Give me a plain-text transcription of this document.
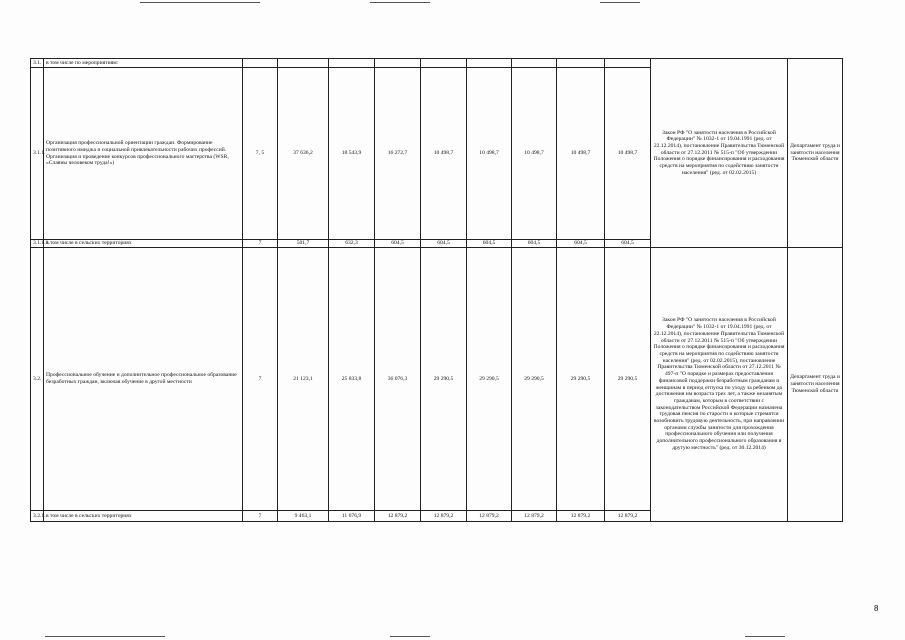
3.1.	в том числе по мероприятиям:										Закон РФ "О занятости населения в Российской Федерации" № 1032-1 от 19.04.1991 (ред. от 22.12.2014), постановление Правительства Тюменской области от 27.12.2011 № 515-п "Об утверждении Положения о порядке финансирования и расходования средств на мероприятия по содействию занятости населения" (ред. от 02.02.2015)	Департамент труда и занятости населения Тюменской области
3.1.1.	Организация профессиональной ориентации граждан. Формирование позитивного имиджа и социальной привлекательности рабочих профессий. Организация и проведение конкурсов профессионального мастерства (WSR, «Славны человеком труда!»)	7, 5	37 636,2	18 543,9	16 272,7	10 498,7	10 498,7	10 498,7	10 498,7	10 498,7		
3.1.1.1.	в том числе в сельских территориях	7	501,7	632,3	604,5	604,5	604,5	604,5	604,5	604,5		
3.2.	Профессиональное обучение и дополнительное профессиональное образование безработных граждан, включая обучение в другой местности	7	21 123,1	25 833,8	36 076,3	29 290,5	29 290,5	29 290,5	29 290,5	29 290,5	Закон РФ "О занятости населения в Российской Федерации" № 1032-1 от 19.04.1991 (ред. от 22.12.2014), постановление Правительства Тюменской области от 27.12.2011 № 515-п "Об утверждении Положения о порядке финансирования и расходования средств на мероприятия по содействию занятости населения" (ред. от 02.02.2015), постановление Правительства Тюменской области от 27.12.2011 № 497-п "О порядке и размерах предоставления финансовой поддержки безработным гражданам и женщинам в период отпуска по уходу за ребенком до достижения им возраста трех лет, а также незанятым гражданам, которым в соответствии с законодательством Российской Федерации назначена трудовая пенсия по старости и которые стремятся возобновить трудовую деятельность, при направлении органами службы занятости для прохождения профессионального обучения или получения дополнительного профессионального образования в другую местность" (ред. от 30.12.2014)	Департамент труда и занятости населения Тюменской области
3.2.1.	в том числе в сельских территориях	7	9 463,1	11 676,9	12 879,2	12 879,2	12 879,2	12 879,2	12 879,2	12 879,2		
8
